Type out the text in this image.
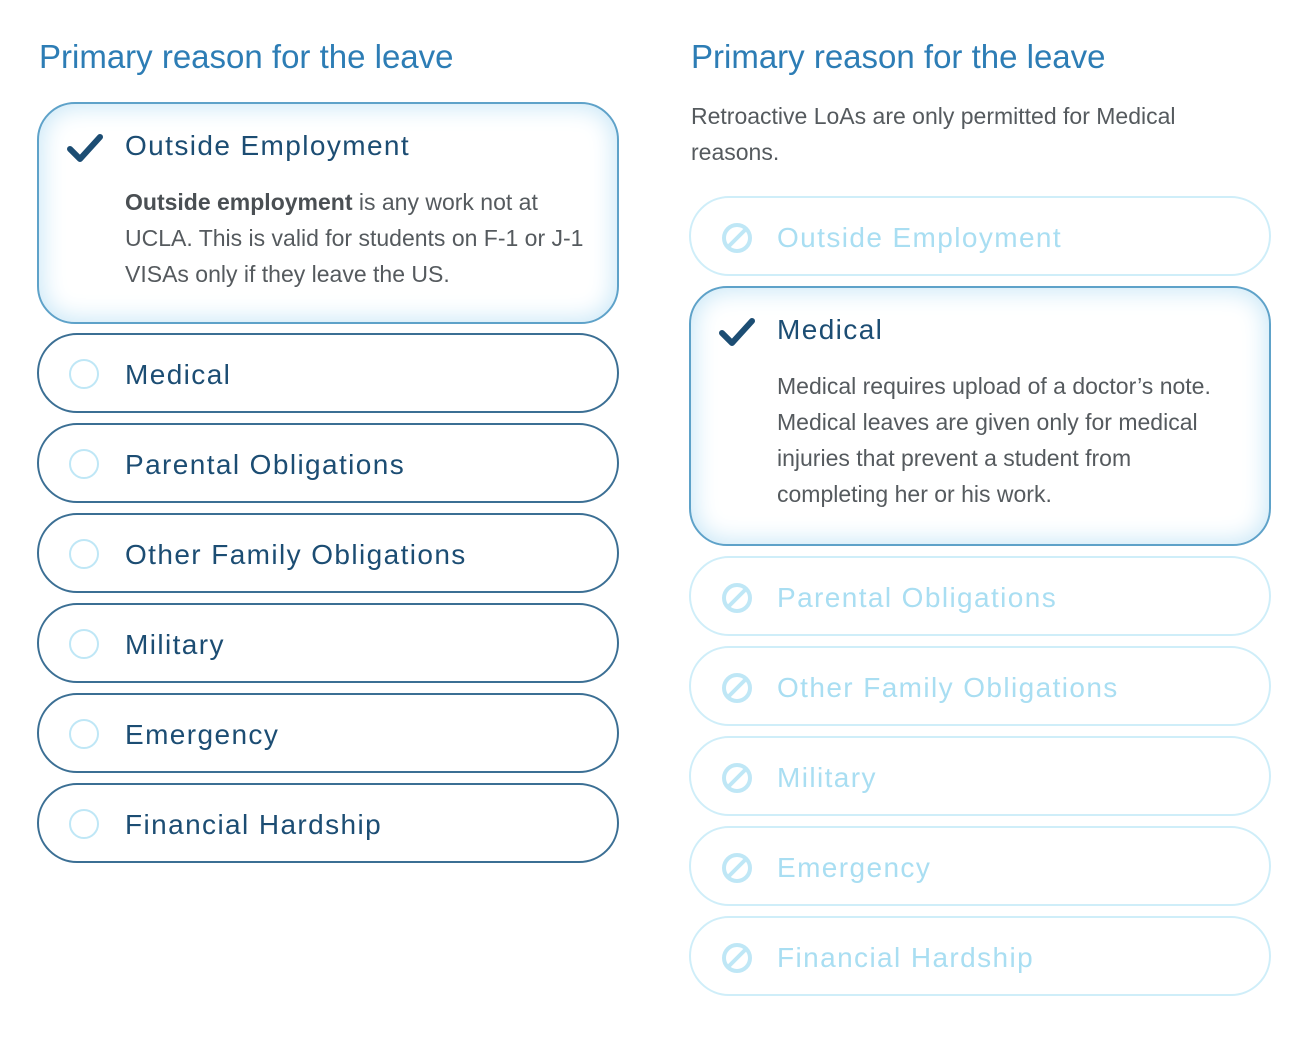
Primary reason for the leave
Outside Employment

Outside employment is any work not at UCLA. This is valid for students on F-1 or J-1 VISAs only if they leave the US.

Medical
Parental Obligations
Other Family Obligations
Military
Emergency
Financial Hardship
Primary reason for the leave

Retroactive LoAs are only permitted for Medical reasons.

Outside Employment
Medical

Medical requires upload of a doctor’s note. Medical leaves are given only for medical injuries that prevent a student from completing her or his work.

Parental Obligations
Other Family Obligations
Military
Emergency
Financial Hardship
